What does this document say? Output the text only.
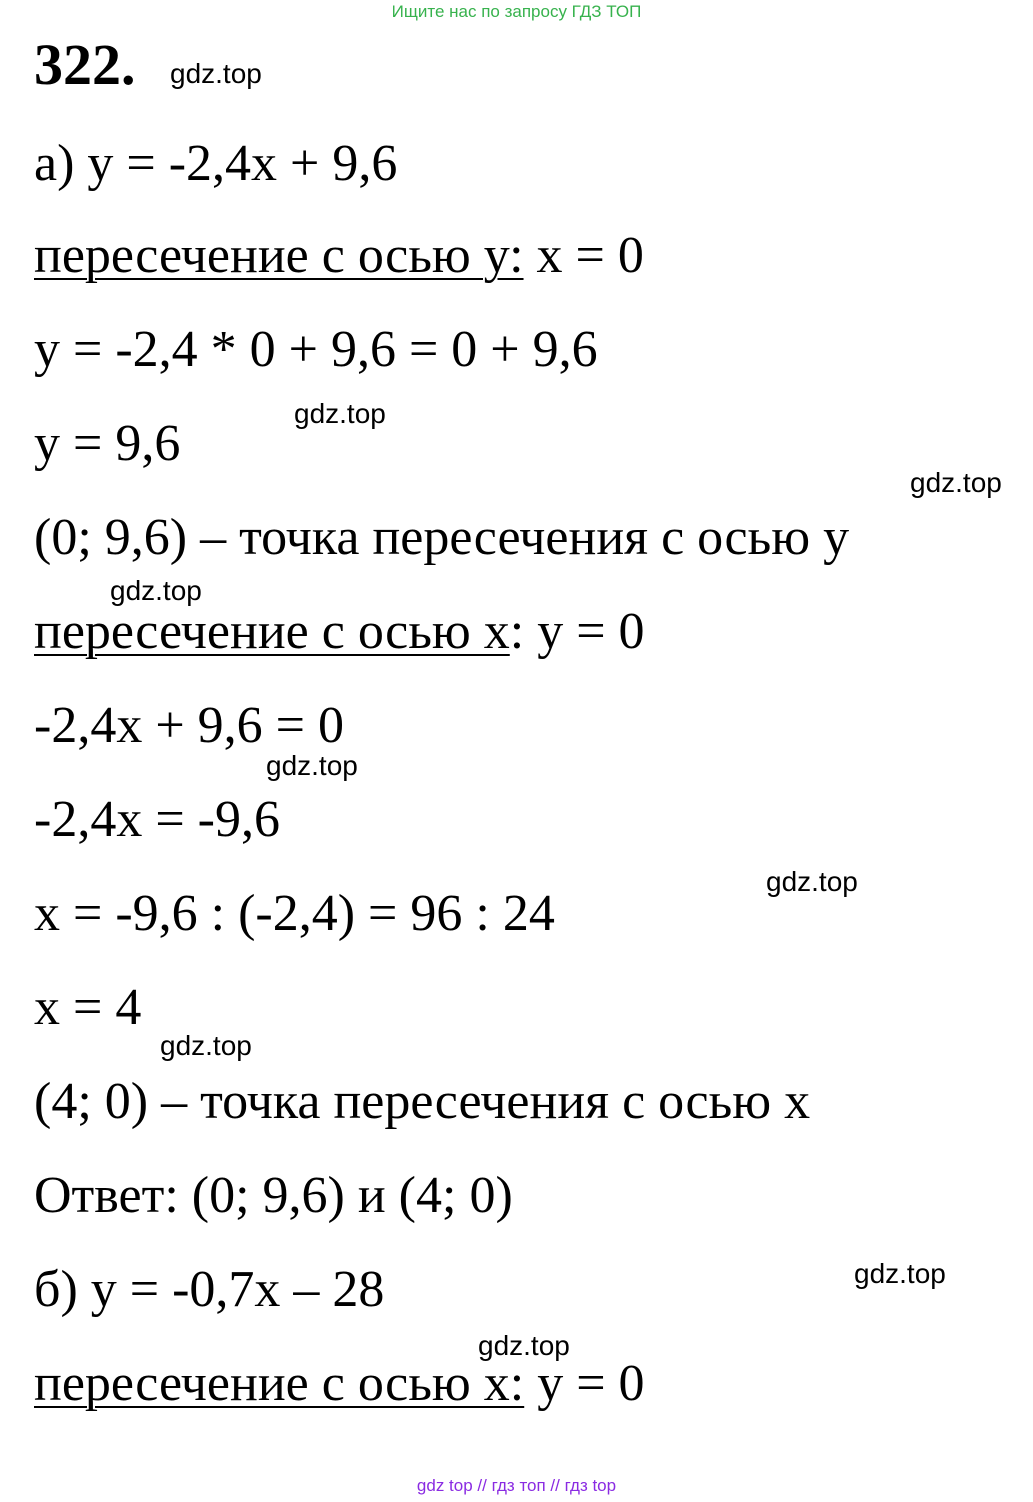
Ищите нас по запросу ГДЗ ТОП
322. gdz.top
а) у = -2,4х + 9,6
пересечение с осью у: х = 0
у = -2,4 * 0 + 9,6 = 0 + 9,6
gdz.top
у = 9,6
gdz.top
(0; 9,6) – точка пересечения с осью у
gdz.top
пересечение с осью х: у = 0
-2,4х + 9,6 = 0
gdz.top
-2,4х = -9,6
gdz.top
х = -9,6 : (-2,4) = 96 : 24
х = 4
gdz.top
(4; 0) – точка пересечения с осью х
Ответ: (0; 9,6) и (4; 0)
gdz.top
б) у = -0,7х – 28
gdz.top
пересечение с осью х: у = 0
gdz top // гдз топ // гдз top
